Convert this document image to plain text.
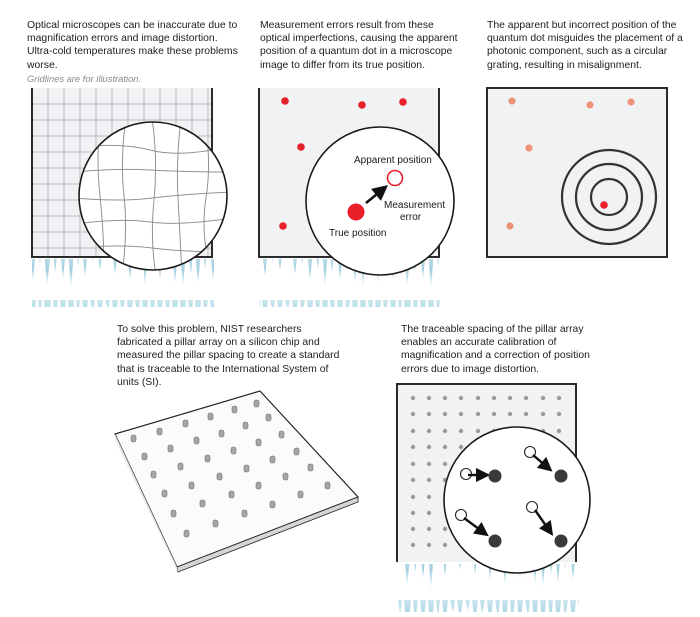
Optical microscopes can be inaccurate due to magnification errors and image distortion. Ultra-cold temperatures make these problems worse.
Gridlines are for illustration.
Measurement errors result from these optical imperfections, causing the apparent position of a quantum dot in a microscope image to differ from its true position.
The apparent but incorrect position of the quantum dot misguides the placement of a photonic component, such as a circular grating, resulting in misalignment.
To solve this problem, NIST researchers fabricated a pillar array on a silicon chip and measured the pillar spacing to create a standard that is traceable to the International System of units (SI).
The traceable spacing of the pillar array enables an accurate calibration of magnification and a correction of position errors due to image distortion.
Apparent position
Measurement
error
True position
